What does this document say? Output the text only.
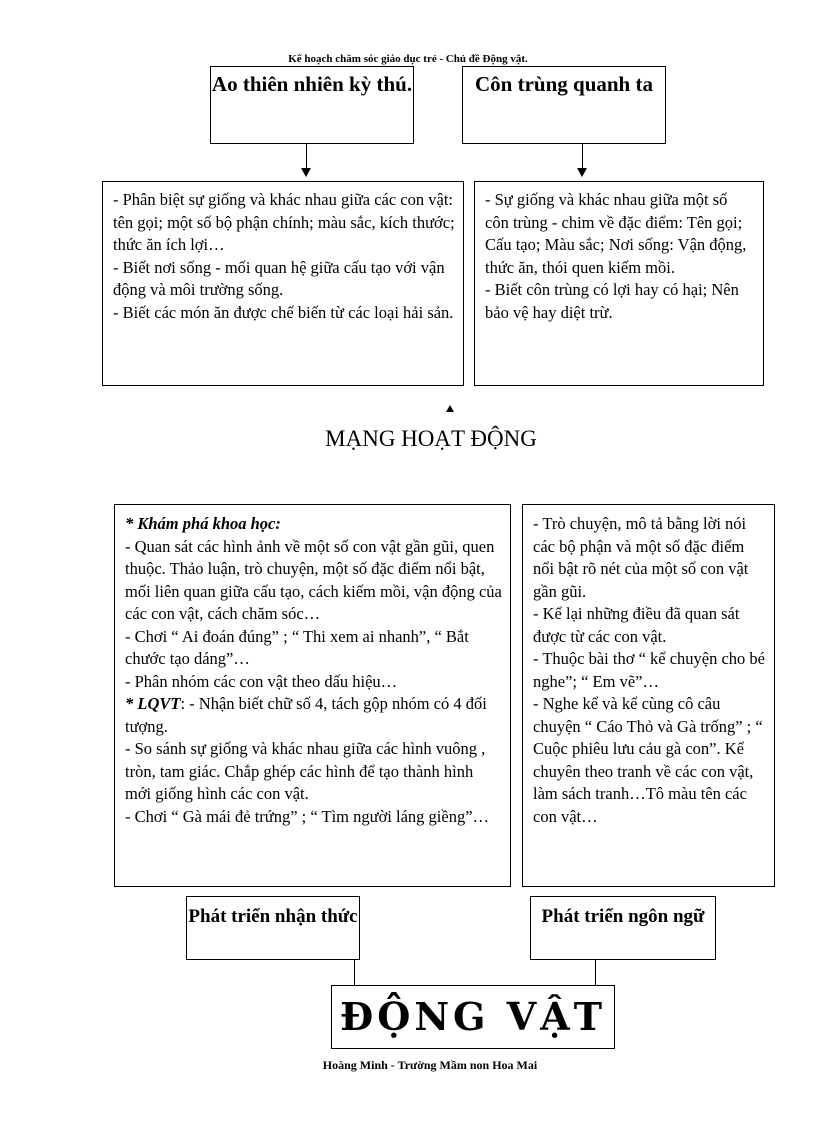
Kế hoạch chăm sóc giáo dục trẻ - Chủ đề Động vật.
Ao thiên nhiên kỳ thú.	Côn trùng quanh ta

- Phân biệt sự giống và khác nhau giữa các con vật: tên gọi; một số bộ phận chính; màu sắc, kích thước; thức ăn ích lợi…

- Biết nơi sống - mối quan hệ giữa cấu tạo với vận động và môi trường sống.

- Biết các món ăn được chế biến từ các loại hải sản.

- Sự giống và khác nhau giữa một số côn trùng - chim về đặc điểm: Tên gọi; Cấu tạo; Màu sắc; Nơi sống: Vận động, thức ăn, thói quen kiếm mồi.

- Biết côn trùng có lợi hay có hại; Nên bảo vệ hay diệt trừ.

MẠNG HOẠT ĐỘNG

* Khám phá khoa học:

- Quan sát các hình ảnh về một số con vật gần gũi, quen thuộc. Thảo luận, trò chuyện, một số đặc điểm nổi bật, mối liên quan giữa cấu tạo, cách kiếm mồi, vận động của các con vật, cách chăm sóc…

- Chơi “ Ai đoán đúng” ; “ Thi xem ai nhanh”, “ Bắt chước tạo dáng”…

- Phân nhóm các con vật theo dấu hiệu…

* LQVT: - Nhận biết chữ số 4, tách gộp nhóm có 4 đối tượng.

- So sánh sự giống và khác nhau giữa các hình vuông , tròn, tam giác. Chắp ghép các hình để tạo thành hình mới giống hình các con vật.

- Chơi “ Gà mái đẻ trứng” ; “ Tìm người láng giềng”…

- Trò chuyện, mô tả bằng lời nói các bộ phận và một số đặc điểm nổi bật rõ nét của một số con vật gần gũi.

- Kể lại những điều đã quan sát được từ các con vật.

- Thuộc bài thơ “ kể chuyện cho bé nghe”; “ Em vẽ”…

- Nghe kể và kể cùng cô câu chuyện “ Cáo Thỏ và Gà trống” ; “ Cuộc phiêu lưu cảu gà con”. Kể chuyên theo tranh về các con vật, làm sách tranh…Tô màu tên các con vật…

Phát triển nhận thức	Phát triển ngôn ngữ
ĐỘNG VẬT
Hoàng Minh - Trường Mầm non Hoa Mai
